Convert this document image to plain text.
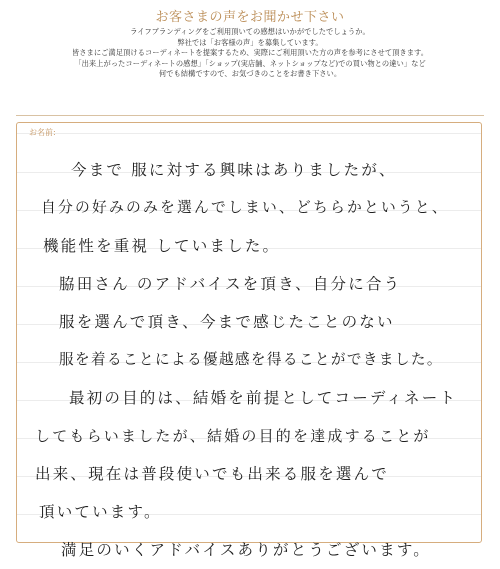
お客さまの声をお聞かせ下さい
ライフブランディングをご利用頂いての感想はいかがでしたでしょうか。
弊社では「お客様の声」を募集しています。
皆さまにご満足頂けるコーディネートを提案するため、実際にご利用頂いた方の声を参考にさせて頂きます。
「出来上がったコーディネートの感想」「ショップ(実店舗、ネットショップなど)での買い物との違い」など
何でも結構ですので、お気づきのことをお書き下さい。
お名前:
今まで 服に対する興味はありましたが、
自分の好みのみを選んでしまい、どちらかというと、
機能性を重視 していました。
脇田さん のアドバイスを頂き、自分に合う
服を選んで頂き、今まで感じたことのない
服を着ることによる優越感を得ることができました。
最初の目的は、結婚を前提としてコーディネート
してもらいましたが、結婚の目的を達成することが
出来、現在は普段使いでも出来る服を選んで
頂いています。
満足のいくアドバイスありがとうございます。
